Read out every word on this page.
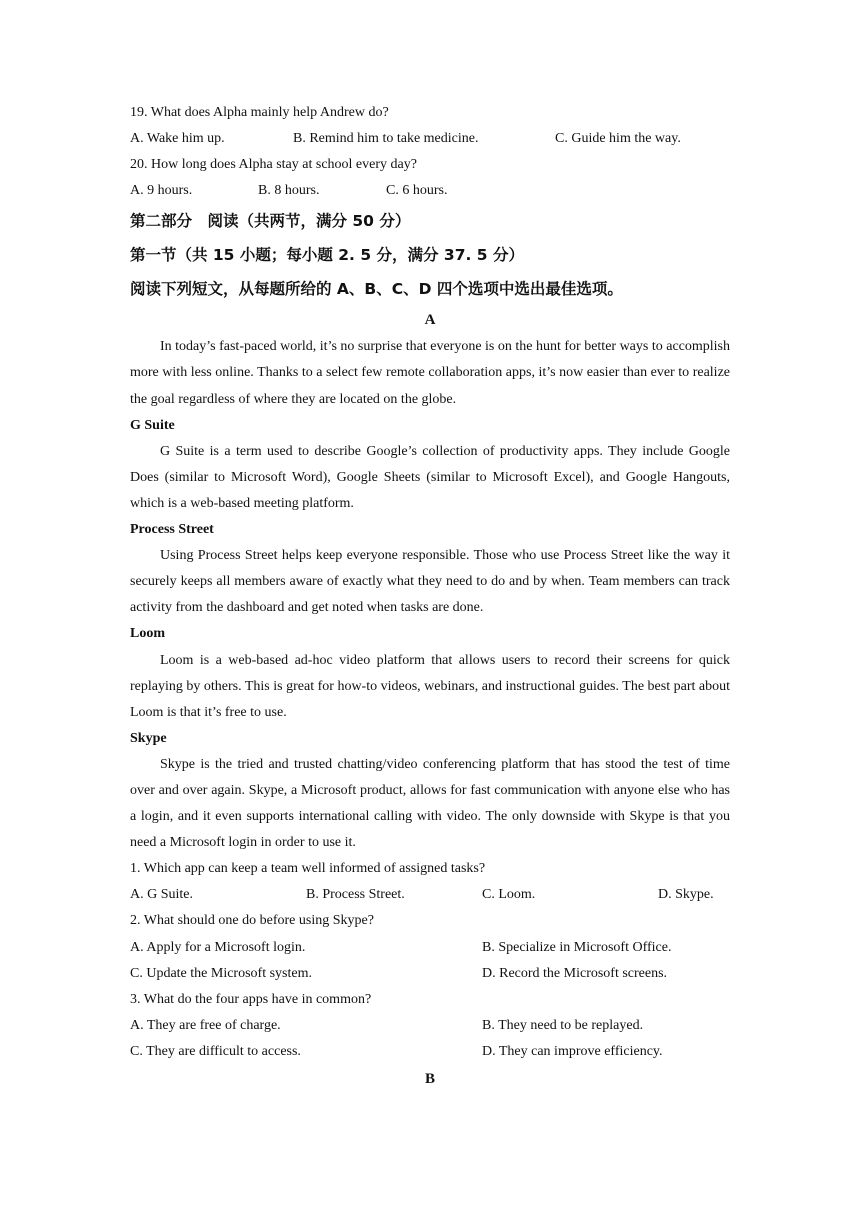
19. What does Alpha mainly help Andrew do?

A. Wake him up.	B. Remind him to take medicine.	C. Guide him the way.

20. How long does Alpha stay at school every day?

A. 9 hours.	B. 8 hours.	C. 6 hours.

第二部分　阅读（共两节，满分 50 分）

第一节（共 15 小题；每小题 2. 5 分，满分 37. 5 分）

阅读下列短文，从每题所给的 A、B、C、D 四个选项中选出最佳选项。

A

In today’s fast-paced world, it’s no surprise that everyone is on the hunt for better ways to accomplish more with less online. Thanks to a select few remote collaboration apps, it’s now easier than ever to realize the goal regardless of where they are located on the globe.

G Suite

G Suite is a term used to describe Google’s collection of productivity apps. They include Google Does (similar to Microsoft Word), Google Sheets (similar to Microsoft Excel), and Google Hangouts, which is a web-based meeting platform.

Process Street

Using Process Street helps keep everyone responsible. Those who use Process Street like the way it securely keeps all members aware of exactly what they need to do and by when. Team members can track activity from the dashboard and get noted when tasks are done.

Loom

Loom is a web-based ad-hoc video platform that allows users to record their screens for quick replaying by others. This is great for how-to videos, webinars, and instructional guides. The best part about Loom is that it’s free to use.

Skype

Skype is the tried and trusted chatting/video conferencing platform that has stood the test of time over and over again. Skype, a Microsoft product, allows for fast communication with anyone else who has a login, and it even supports international calling with video. The only downside with Skype is that you need a Microsoft login in order to use it.

1. Which app can keep a team well informed of assigned tasks?

A. G Suite.	B. Process Street.	C. Loom.	D. Skype.

2. What should one do before using Skype?

A. Apply for a Microsoft login.	B. Specialize in Microsoft Office.
C. Update the Microsoft system.	D. Record the Microsoft screens.

3. What do the four apps have in common?

A. They are free of charge.	B. They need to be replayed.
C. They are difficult to access.	D. They can improve efficiency.

B
